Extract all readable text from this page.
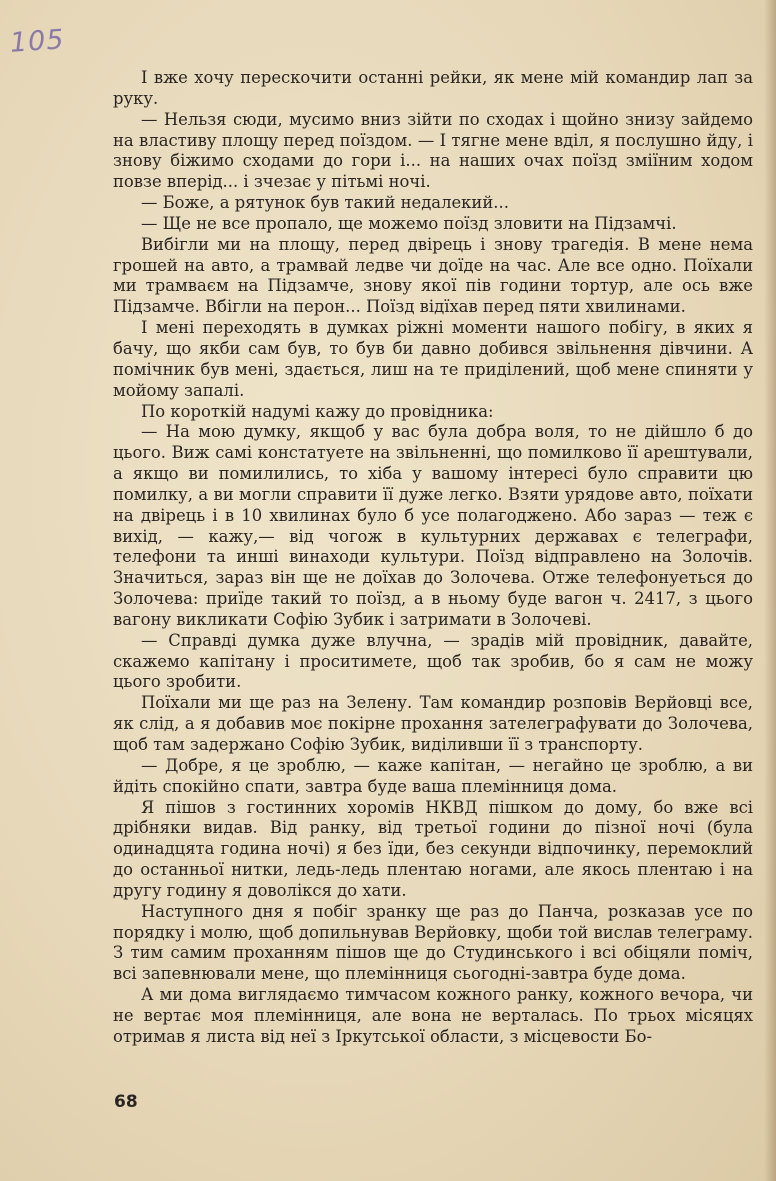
105

І вже хочу перескочити останні рейки, як мене мій командир лап за руку.

— Нельзя сюди, мусимо вниз зійти по сходах і щойно знизу зайдемо на властиву площу перед поїздом. — І тягне мене вділ, я послушно йду, і знову біжимо сходами до гори і... на наших очах поїзд зміїним ходом повзе вперід... і зчезає у пітьмі ночі.

— Боже, а рятунок був такий недалекий...

— Ще не все пропало, ще можемо поїзд зловити на Підзамчі.

Вибігли ми на площу, перед двірець і знову трагедія. В мене нема грошей на авто, а трамвай ледве чи доїде на час. Але все одно. Поїхали ми трамваєм на Підзамче, знову якої пів години тортур, але ось вже Підзамче. Вбігли на перон... Поїзд відїхав перед пяти хвилинами.

І мені переходять в думках ріжні моменти нашого побігу, в яких я бачу, що якби сам був, то був би давно добився звільнення дівчини. А помічник був мені, здається, лиш на те приділений, щоб мене спиняти у мойому запалі.

По короткій надумі кажу до провідника:

— На мою думку, якщоб у вас була добра воля, то не дійшло б до цього. Виж самі констатуете на звільненні, що помилково її арештували, а якщо ви помилились, то хіба у вашому інтересі було справити цю помилку, а ви могли справити її дуже легко. Взяти урядове авто, поїхати на двірець і в 10 хвилинах було б усе полагоджено. Або зараз — теж є вихід, — кажу,— від чогож в культурних державах є телеграфи, телефони та инші винаходи культури. Поїзд відправлено на Золочів. Значиться, зараз він ще не доїхав до Золочева. Отже телефонуеться до Золочева: приїде такий то поїзд, а в ньому буде вагон ч. 2417, з цього вагону викликати Софію Зубик і затримати в Золочеві.

— Справді думка дуже влучна, — зрадів мій провідник, давайте, скажемо капітану і проситимете, щоб так зробив, бо я сам не можу цього зробити.

Поїхали ми ще раз на Зелену. Там командир розповів Верйовці все, як слід, а я добавив моє покірне прохання зателеграфувати до Золочева, щоб там задержано Софію Зубик, виділивши її з транспорту.

— Добре, я це зроблю, — каже капітан, — негайно це зроблю, а ви йдіть спокійно спати, завтра буде ваша племінниця дома.

Я пішов з гостинних хоромів НКВД пішком до дому, бо вже всі дрібняки видав. Від ранку, від третьої години до пізної ночі (була одинадцята година ночі) я без їди, без секунди відпочинку, перемоклий до останньої нитки, ледь-ледь плентаю ногами, але якось плентаю і на другу годину я доволікся до хати.

Наступного дня я побіг зранку ще раз до Панча, розказав усе по порядку і молю, щоб допильнував Верйовку, щоби той вислав телеграму. З тим самим проханням пішов ще до Студинського і всі обіцяли поміч, всі запевнювали мене, що племінниця сьогодні-завтра буде дома.

А ми дома виглядаємо тимчасом кожного ранку, кожного вечора, чи не вертає моя племінниця, але вона не верталась. По трьох місяцях отримав я листа від неї з Іркутської области, з місцевости Бо-

68
